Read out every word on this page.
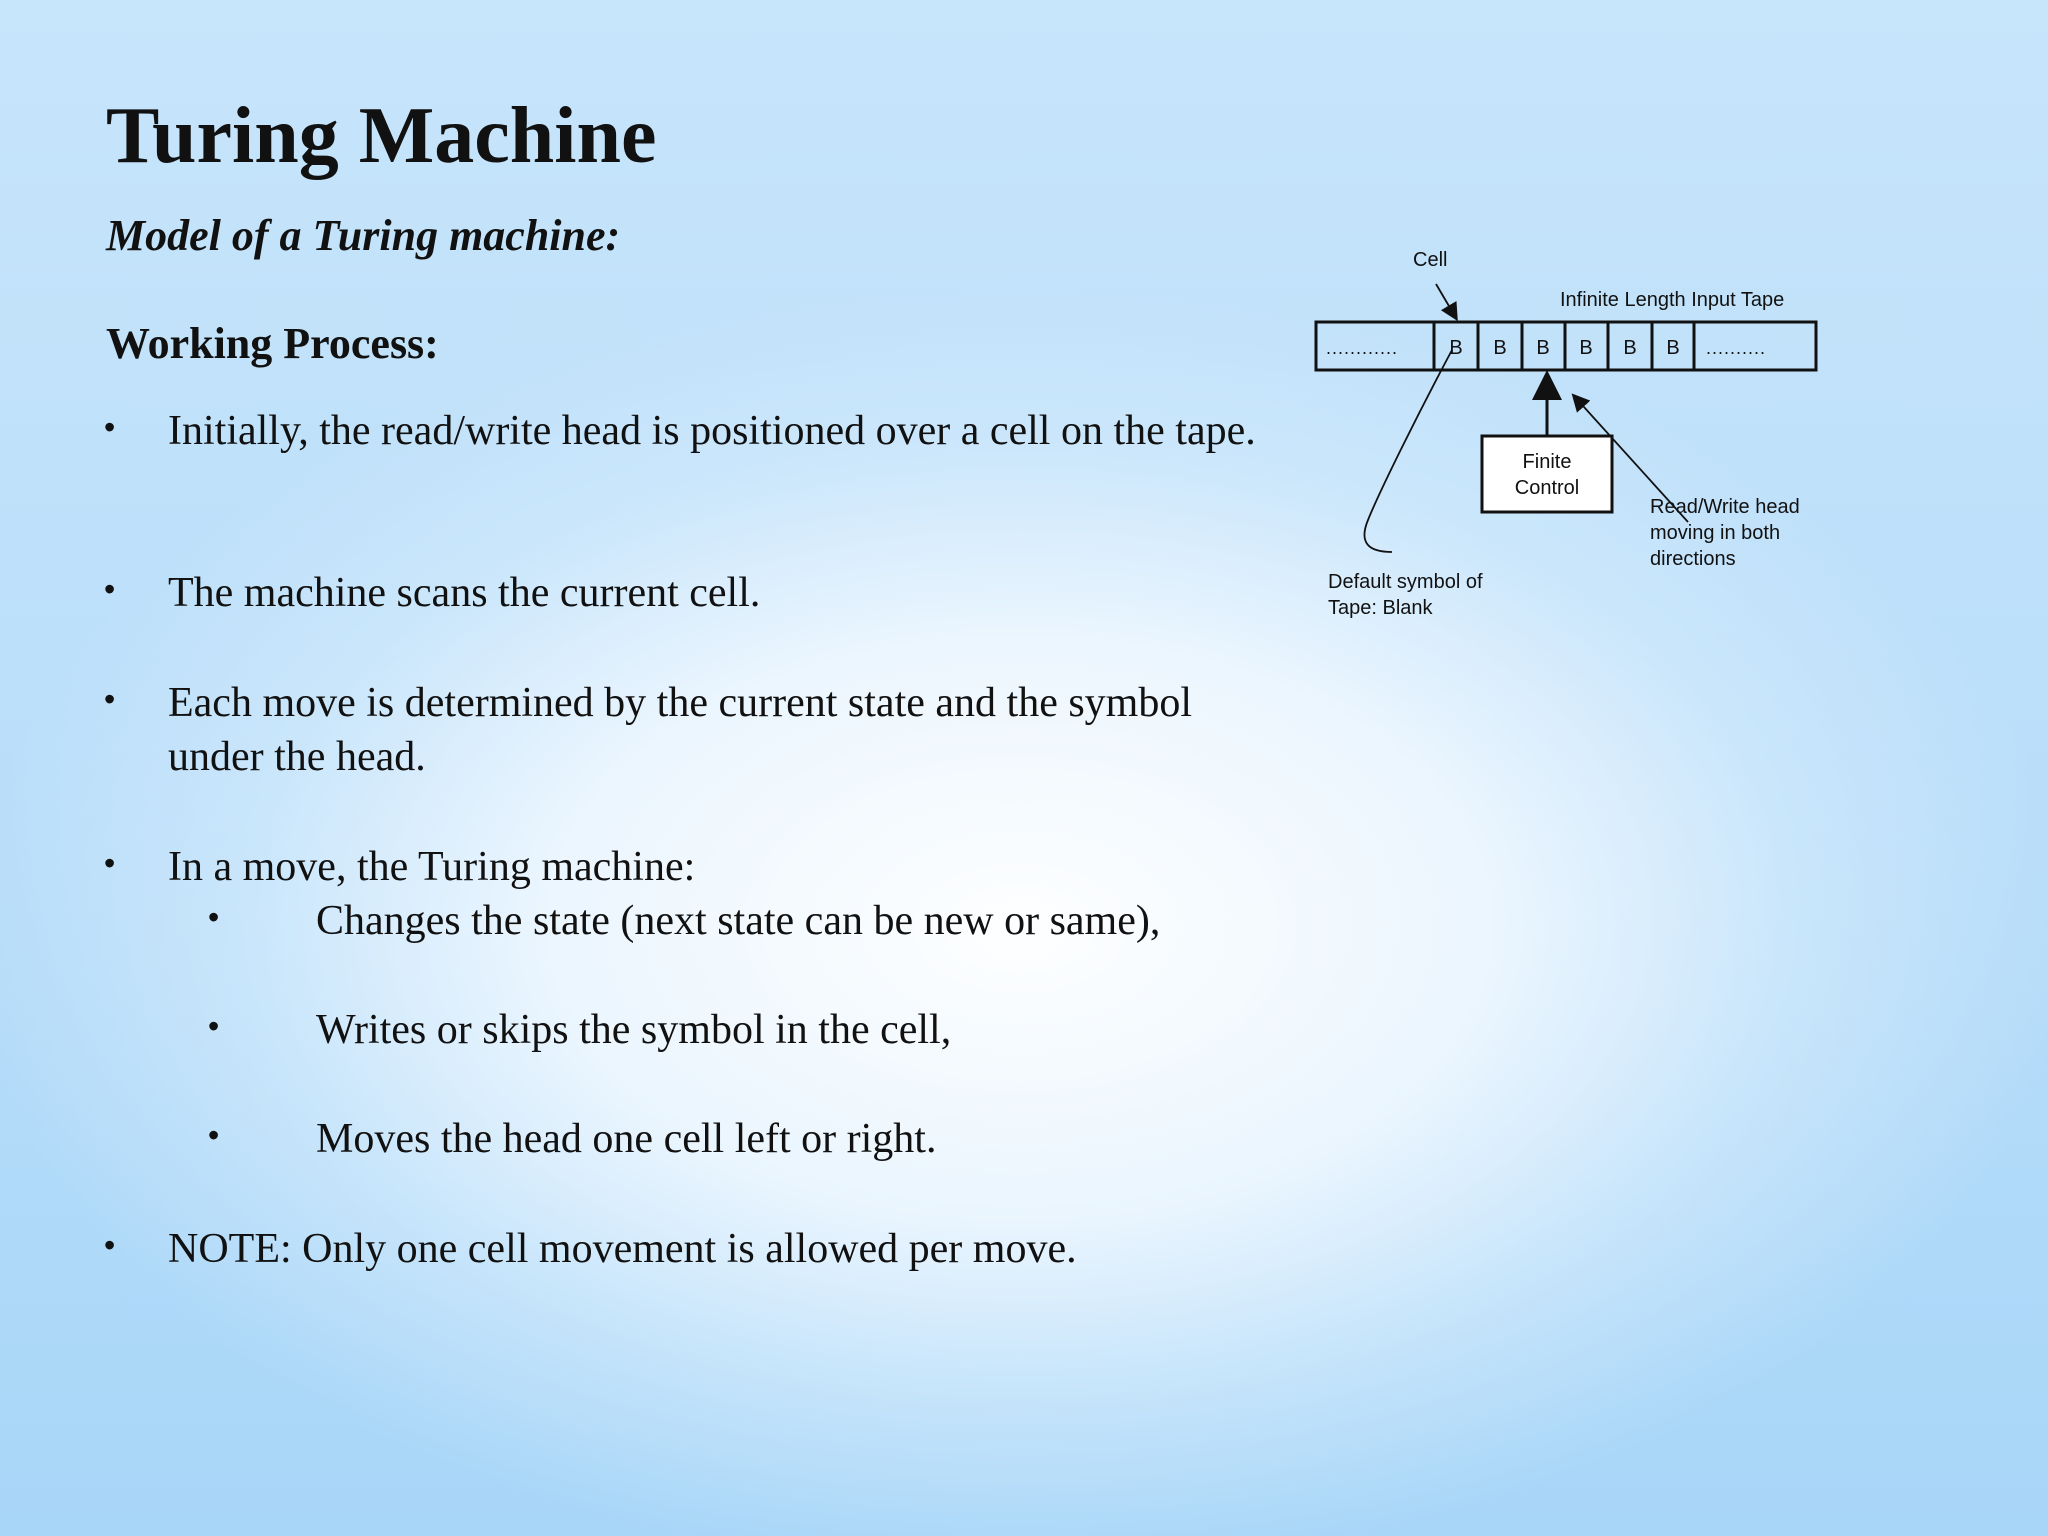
Turing Machine
Model of a Turing machine:
Working Process:
• Initially, the read/write head is positioned over a cell on the tape.
• The machine scans the current cell.
• Each move is determined by the current state and the symbol under the head.
• In a move, the Turing machine:
• Changes the state (next state can be new or same),
• Writes or skips the symbol in the cell,
• Moves the head one cell left or right.
• NOTE: Only one cell movement is allowed per move.
Cell
Infinite Length Input Tape
............	..........
B B B B B B
Finite
Control
Read/Write head
moving in both
directions
Default symbol of
Tape: Blank
